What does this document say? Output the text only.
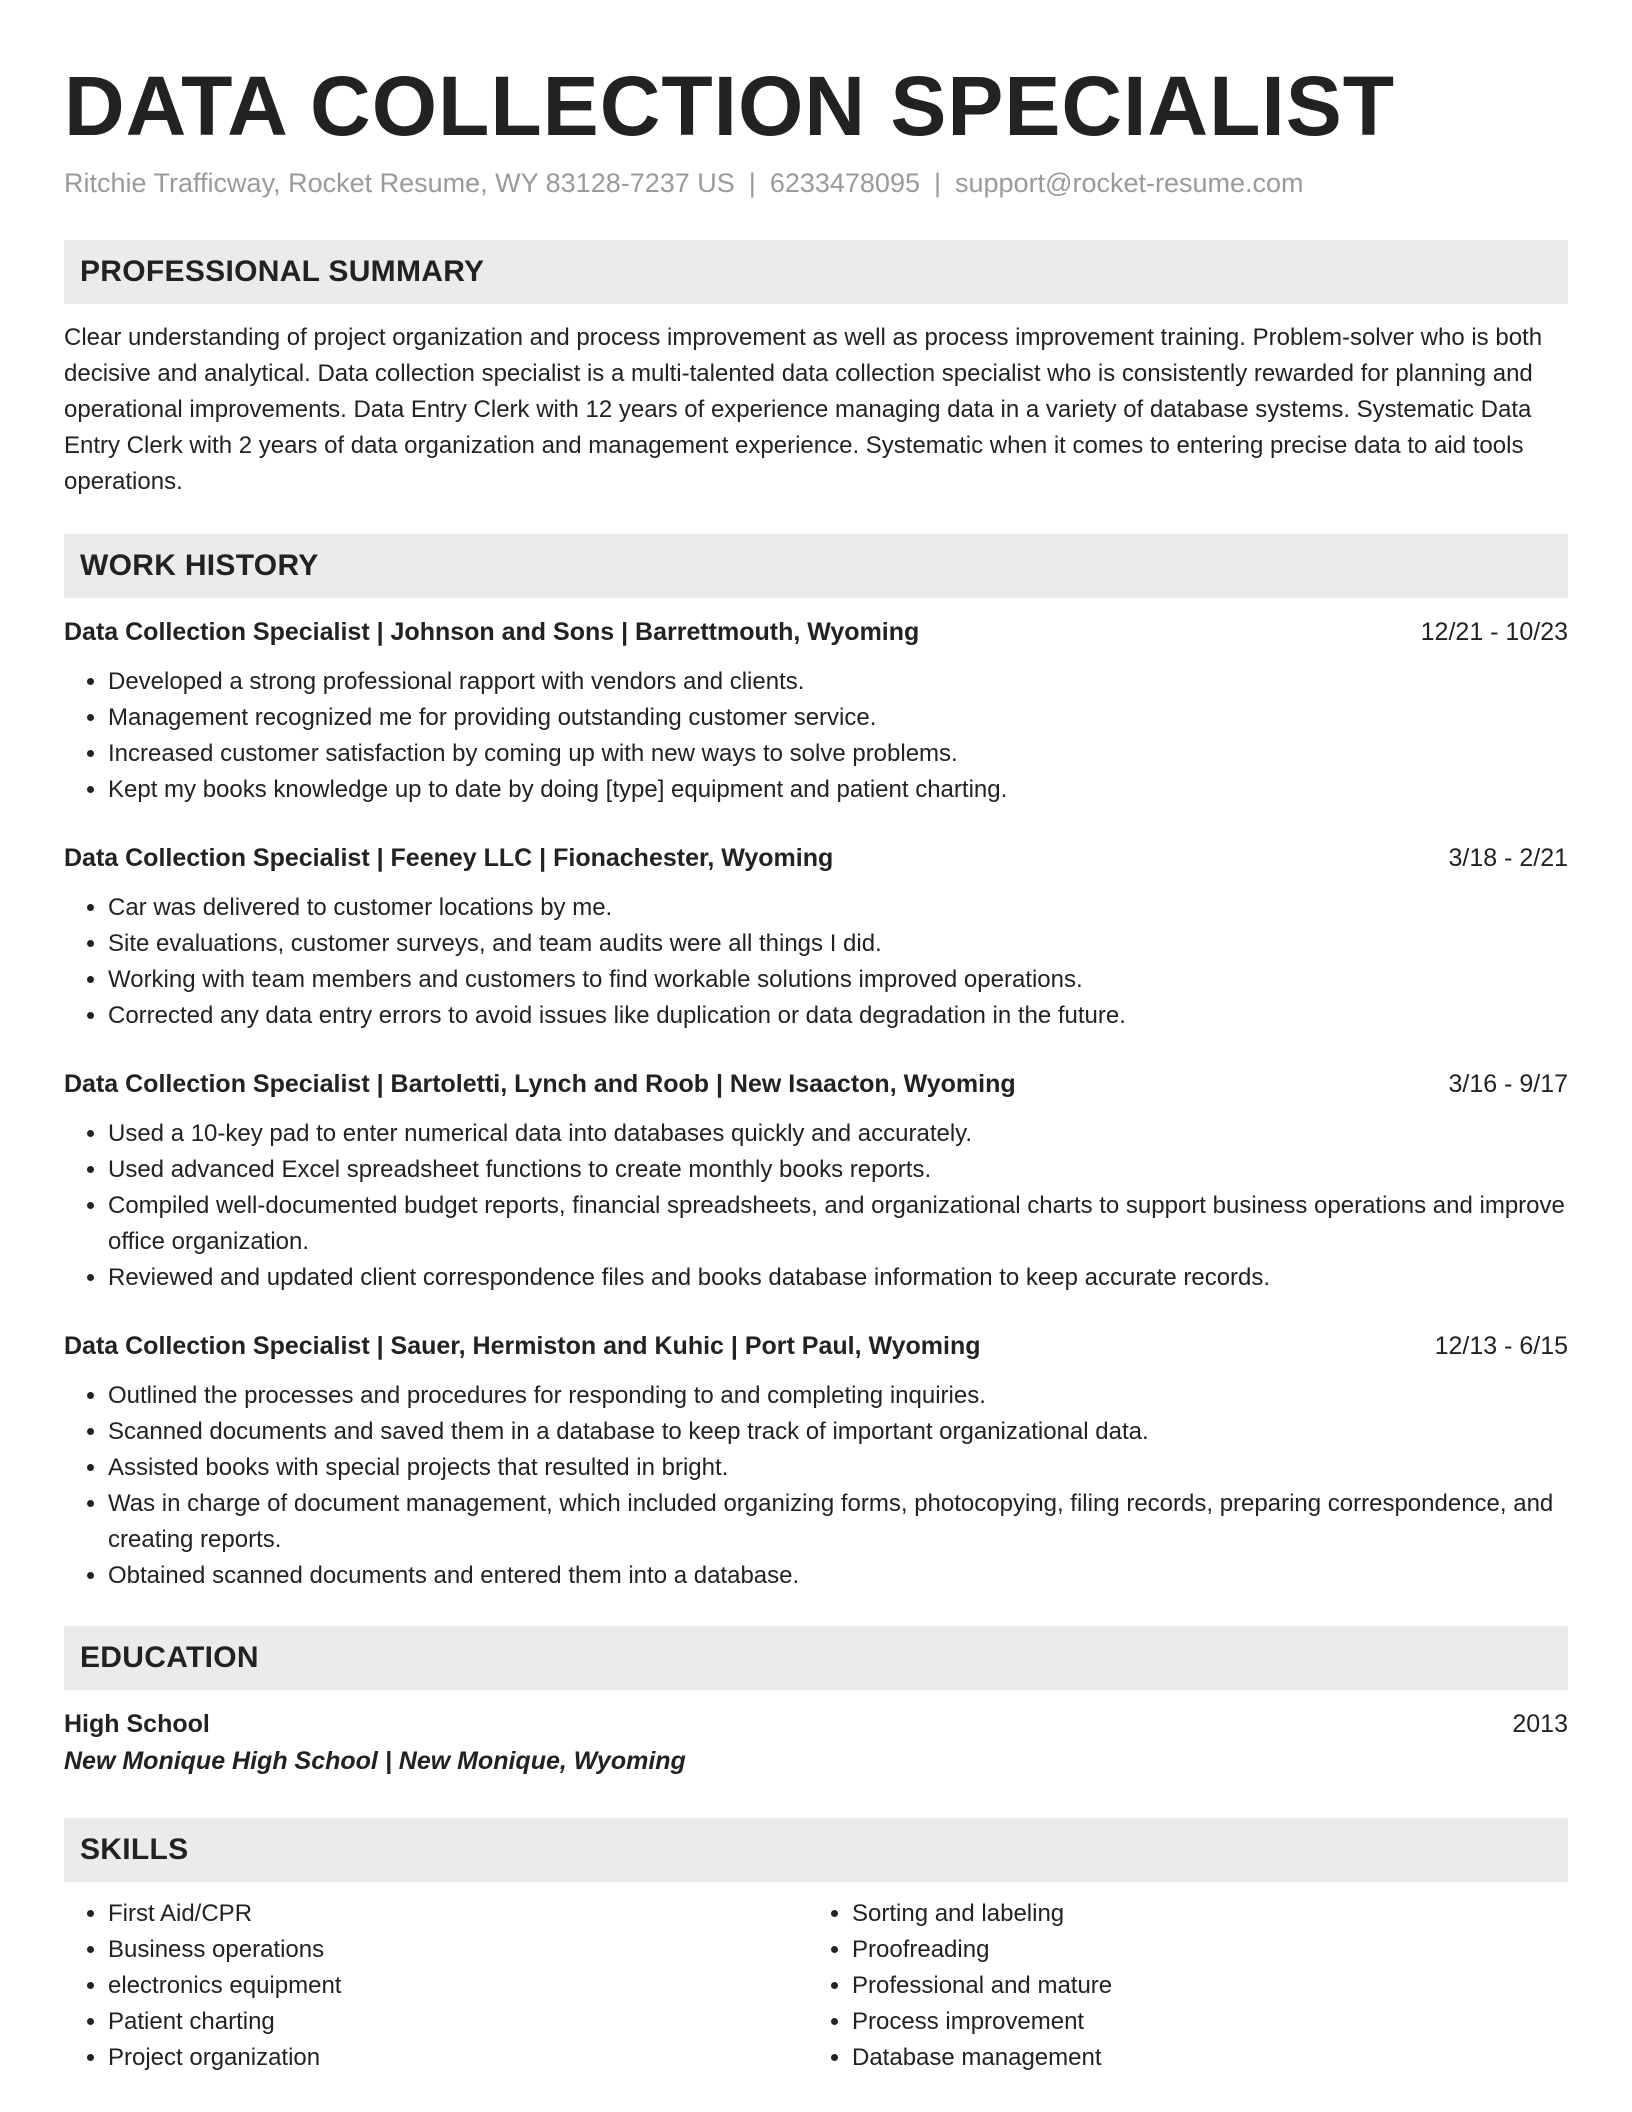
DATA COLLECTION SPECIALIST
Ritchie Trafficway, Rocket Resume, WY 83128-7237 US | 6233478095 | support@rocket-resume.com
PROFESSIONAL SUMMARY
Clear understanding of project organization and process improvement as well as process improvement training. Problem-solver who is both decisive and analytical. Data collection specialist is a multi-talented data collection specialist who is consistently rewarded for planning and operational improvements. Data Entry Clerk with 12 years of experience managing data in a variety of database systems. Systematic Data Entry Clerk with 2 years of data organization and management experience. Systematic when it comes to entering precise data to aid tools operations.
WORK HISTORY
Data Collection Specialist | Johnson and Sons | Barrettmouth, Wyoming	12/21 - 10/23
• Developed a strong professional rapport with vendors and clients.
• Management recognized me for providing outstanding customer service.
• Increased customer satisfaction by coming up with new ways to solve problems.
• Kept my books knowledge up to date by doing [type] equipment and patient charting.
Data Collection Specialist | Feeney LLC | Fionachester, Wyoming	3/18 - 2/21
• Car was delivered to customer locations by me.
• Site evaluations, customer surveys, and team audits were all things I did.
• Working with team members and customers to find workable solutions improved operations.
• Corrected any data entry errors to avoid issues like duplication or data degradation in the future.
Data Collection Specialist | Bartoletti, Lynch and Roob | New Isaacton, Wyoming	3/16 - 9/17
• Used a 10-key pad to enter numerical data into databases quickly and accurately.
• Used advanced Excel spreadsheet functions to create monthly books reports.
• Compiled well-documented budget reports, financial spreadsheets, and organizational charts to support business operations and improve office organization.
• Reviewed and updated client correspondence files and books database information to keep accurate records.
Data Collection Specialist | Sauer, Hermiston and Kuhic | Port Paul, Wyoming	12/13 - 6/15
• Outlined the processes and procedures for responding to and completing inquiries.
• Scanned documents and saved them in a database to keep track of important organizational data.
• Assisted books with special projects that resulted in bright.
• Was in charge of document management, which included organizing forms, photocopying, filing records, preparing correspondence, and creating reports.
• Obtained scanned documents and entered them into a database.
EDUCATION
High School	2013
New Monique High School | New Monique, Wyoming
SKILLS
• First Aid/CPR
• Business operations
• electronics equipment
• Patient charting
• Project organization
• Sorting and labeling
• Proofreading
• Professional and mature
• Process improvement
• Database management
